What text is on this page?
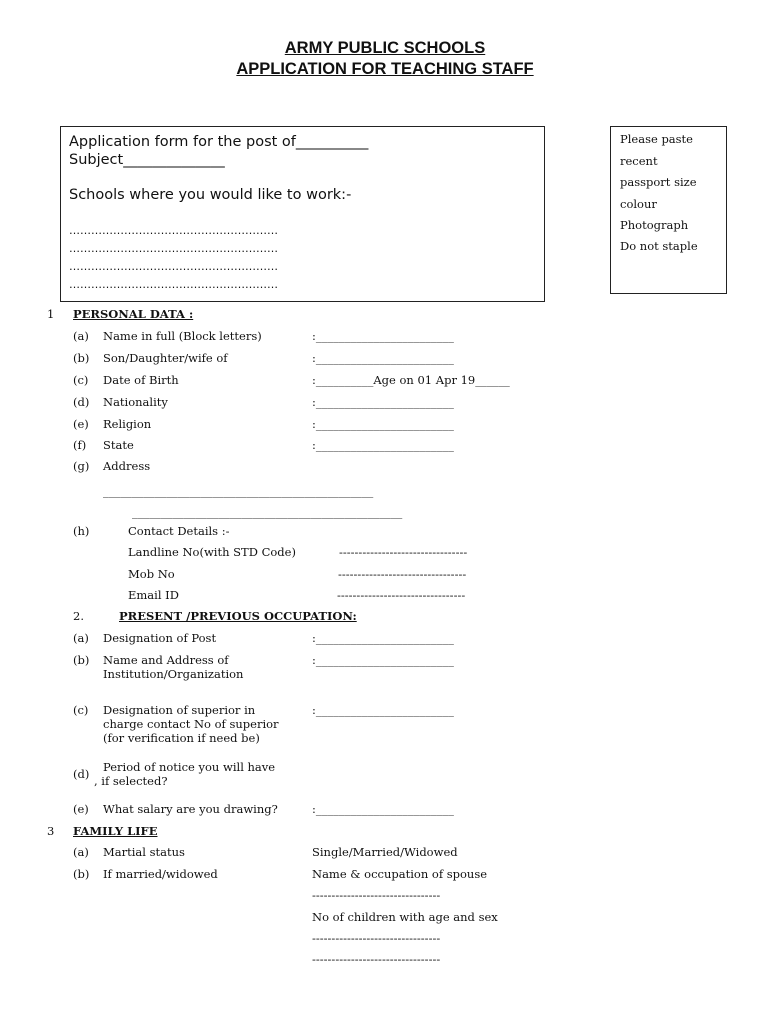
ARMY PUBLIC SCHOOLS
APPLICATION FOR TEACHING STAFF
Application form for the post of__________
Subject______________
Schools where you would like to work:-
…………………………………………………
…………………………………………………
…………………………………………………
…………………………………………………
Please paste
recent
passport size
colour
Photograph
Do not staple
1 PERSONAL DATA :
(a) Name in full (Block letters)	:________________________
(b) Son/Daughter/wife of	:________________________
(c) Date of Birth	:__________Age on 01 Apr 19______
(d) Nationality	:________________________
(e) Religion	:________________________
(f) State	:________________________
(g) Address
_______________________________________________
_______________________________________________
(h)	Contact Details :-
Landline No(with STD Code)	---------------------------------
Mob No	---------------------------------
Email ID	---------------------------------
2.	PRESENT /PREVIOUS OCCUPATION:
(a) Designation of Post	:________________________
(b) Name and Address of
Institution/Organization
:________________________
(c) Designation of superior in
charge contact No of superior
(for verification if need be)
:________________________
(d) Period of notice you will have
, if selected?
(e) What salary are you drawing?	:________________________
3 FAMILY LIFE
(a) Martial status	Single/Married/Widowed
(b) If married/widowed	Name & occupation of spouse
---------------------------------
No of children with age and sex
---------------------------------
---------------------------------
